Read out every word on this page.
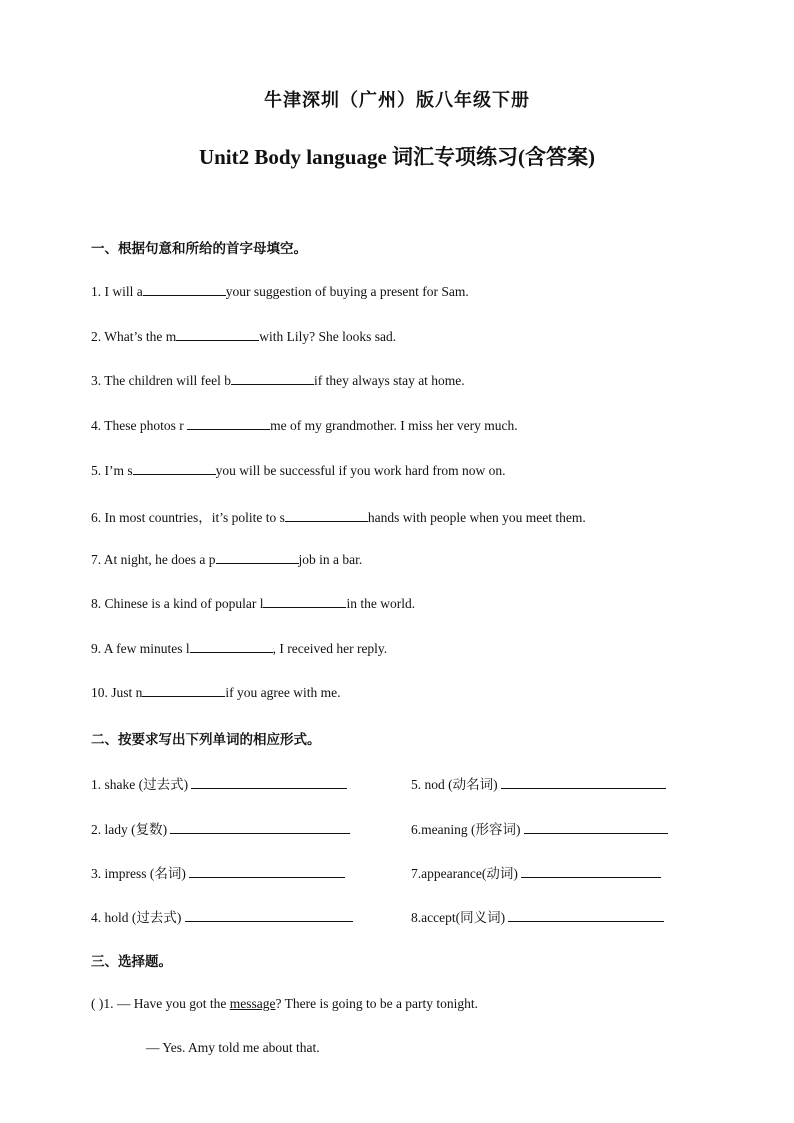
牛津深圳（广州）版八年级下册
Unit2 Body language 词汇专项练习(含答案)
一、根据句意和所给的首字母填空。
1. I will a	your suggestion of buying a present for Sam.
2. What’s the m	with Lily? She looks sad.
3. The children will feel b	if they always stay at home.
4. These photos r	me of my grandmother. I miss her very much.
5. I’m s	you will be successful if you work hard from now on.
6. In most countries，it’s polite to s	hands with people when you meet them.
7. At night, he does a p	job in a bar.
8. Chinese is a kind of popular l	in the world.
9. A few minutes l	, I received her reply.
10. Just n	if you agree with me.
二、按要求写出下列单词的相应形式。
1. shake (过去式)
2. lady (复数)
3. impress (名词)
4. hold (过去式)
5. nod (动名词)
6.meaning (形容词)
7.appearance(动词)
8.accept(同义词)
三、选择题。
( )1. — Have you got the message? There is going to be a party tonight.
— Yes. Amy told me about that.
